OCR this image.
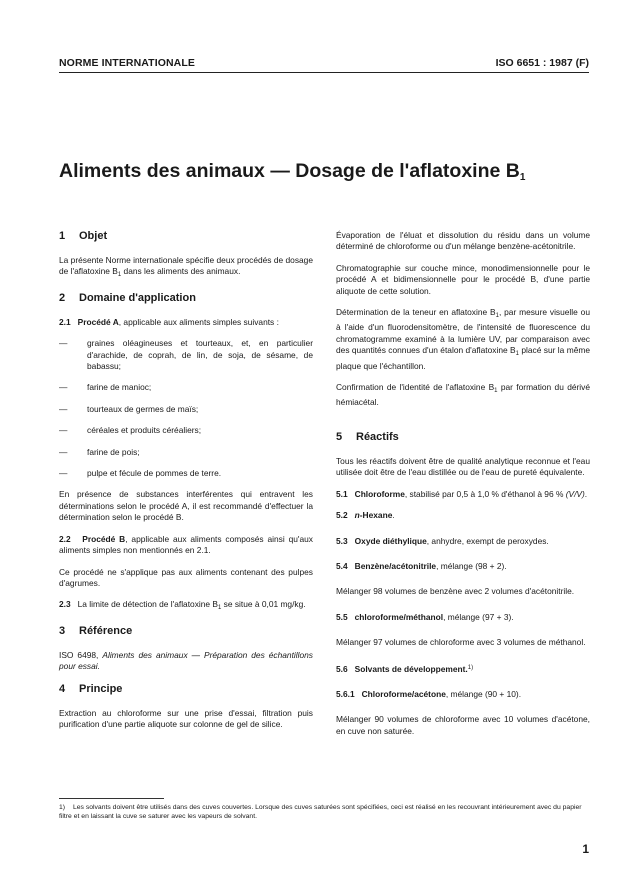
NORME INTERNATIONALE	ISO 6651 : 1987 (F)
Aliments des animaux — Dosage de l'aflatoxine $B_1$
1 Objet

La présente Norme internationale spécifie deux procédés de dosage de l'aflatoxine $B_1$ dans les aliments des animaux.

2 Domaine d'application

2.1 Procédé A, applicable aux aliments simples suivants :

—	graines oléagineuses et tourteaux, et, en particulier d'arachide, de coprah, de lin, de soja, de sésame, de babassu;
—	farine de manioc;
—	tourteaux de germes de maïs;
—	céréales et produits céréaliers;
—	farine de pois;
—	pulpe et fécule de pommes de terre.

En présence de substances interférentes qui entravent les déterminations selon le procédé A, il est recommandé d'effectuer la détermination selon le procédé B.

2.2 Procédé B, applicable aux aliments composés ainsi qu'aux aliments simples non mentionnés en 2.1.

Ce procédé ne s'applique pas aux aliments contenant des pulpes d'agrumes.

2.3 La limite de détection de l'aflatoxine $B_1$ se situe à 0,01 mg/kg.

3 Référence

ISO 6498, Aliments des animaux — Préparation des échantillons pour essai.

4 Principe

Extraction au chloroforme sur une prise d'essai, filtration puis purification d'une partie aliquote sur colonne de gel de silice.

Évaporation de l'éluat et dissolution du résidu dans un volume déterminé de chloroforme ou d'un mélange benzène-acétonitrile.

Chromatographie sur couche mince, monodimensionnelle pour le procédé A et bidimensionnelle pour le procédé B, d'une partie aliquote de cette solution.

Détermination de la teneur en aflatoxine $B_1$, par mesure visuelle ou à l'aide d'un fluorodensitomètre, de l'intensité de fluorescence du chromatogramme examiné à la lumière UV, par comparaison avec des quantités connues d'un étalon d'aflatoxine $B_1$ placé sur la même plaque que l'échantillon.

Confirmation de l'identité de l'aflatoxine $B_1$ par formation du dérivé hémiacétal.

5 Réactifs

Tous les réactifs doivent être de qualité analytique reconnue et l'eau utilisée doit être de l'eau distillée ou de l'eau de pureté équivalente.

5.1 Chloroforme, stabilisé par 0,5 à 1,0 % d'éthanol à 96 % (V/V).

5.2 n-Hexane.

5.3 Oxyde diéthylique, anhydre, exempt de peroxydes.

5.4 Benzène/acétonitrile, mélange (98 + 2).

Mélanger 98 volumes de benzène avec 2 volumes d'acétonitrile.

5.5 chloroforme/méthanol, mélange (97 + 3).

Mélanger 97 volumes de chloroforme avec 3 volumes de méthanol.

5.6 Solvants de développement.$^{1)}$

5.6.1 Chloroforme/acétone, mélange (90 + 10).

Mélanger 90 volumes de chloroforme avec 10 volumes d'acétone, en cuve non saturée.

1) Les solvants doivent être utilisés dans des cuves couvertes. Lorsque des cuves saturées sont spécifiées, ceci est réalisé en les recouvrant intérieurement avec du papier filtre et en laissant la cuve se saturer avec les vapeurs de solvant.
1
